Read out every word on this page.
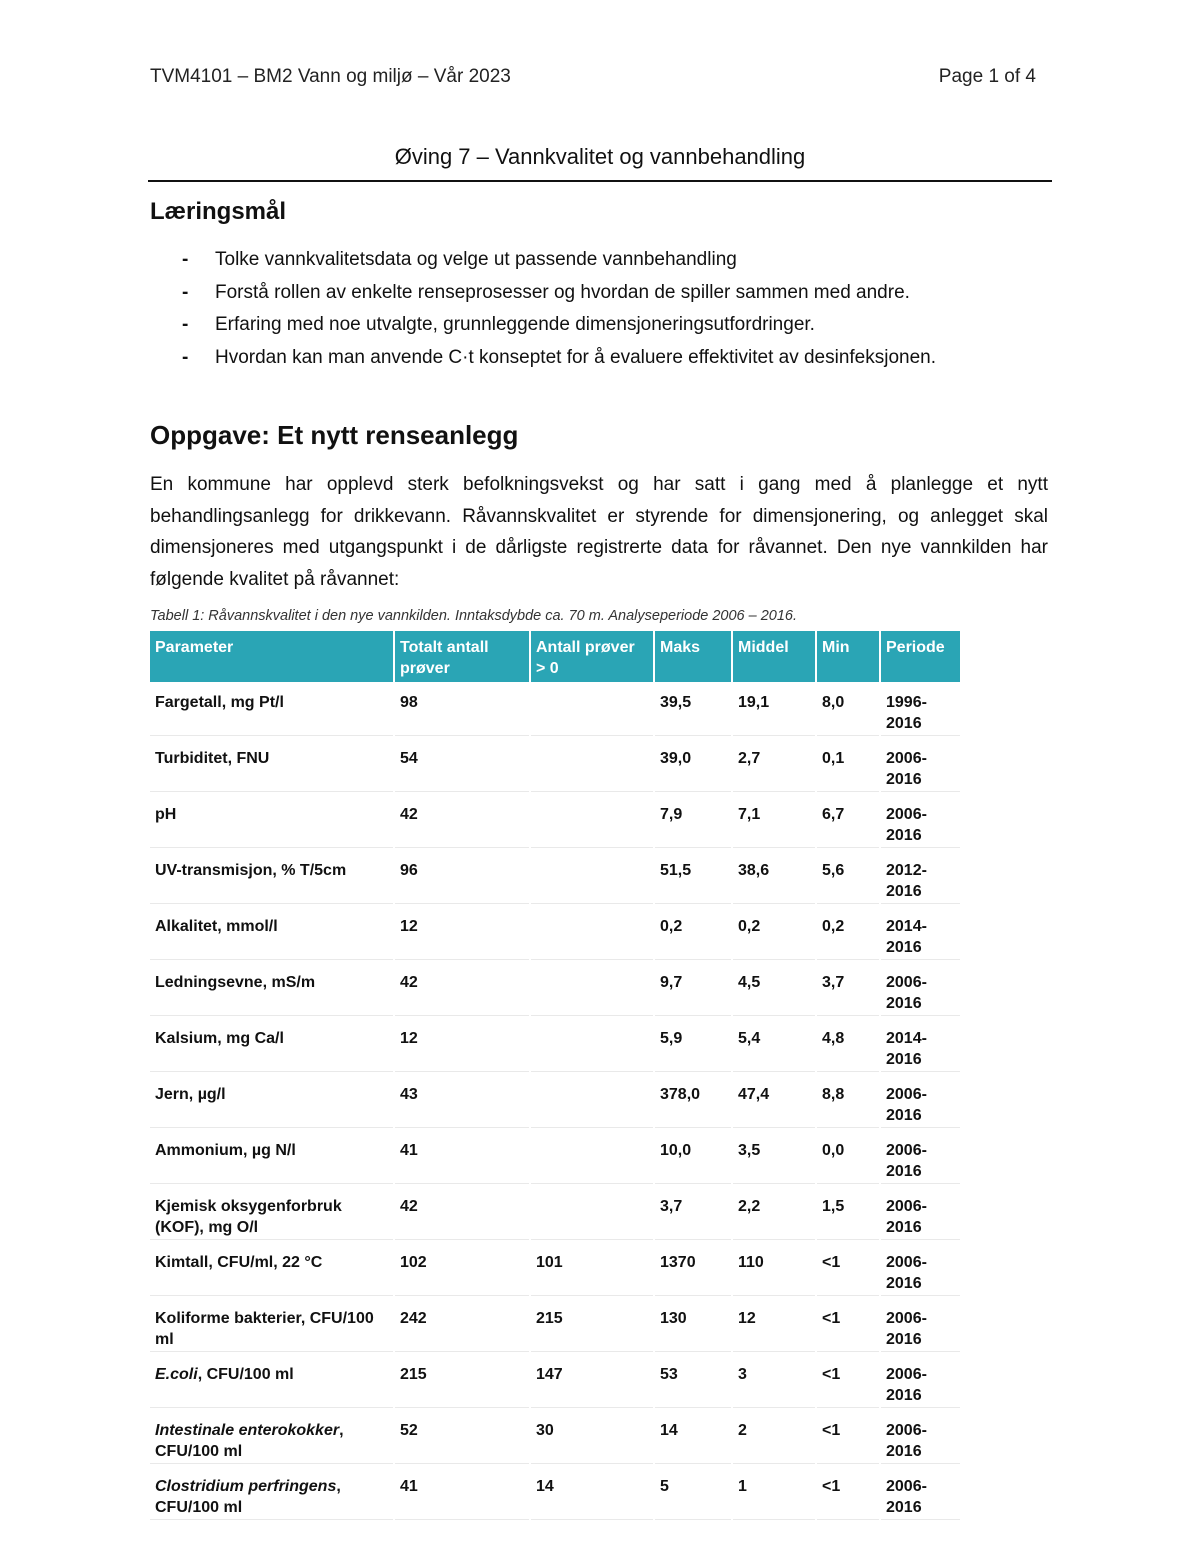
TVM4101 – BM2 Vann og miljø – Vår 2023	Page 1 of 4
Øving 7 – Vannkvalitet og vannbehandling
Læringsmål
- Tolke vannkvalitetsdata og velge ut passende vannbehandling
- Forstå rollen av enkelte renseprosesser og hvordan de spiller sammen med andre.
- Erfaring med noe utvalgte, grunnleggende dimensjoneringsutfordringer.
- Hvordan kan man anvende C·t konseptet for å evaluere effektivitet av desinfeksjonen.
Oppgave: Et nytt renseanlegg

En kommune har opplevd sterk befolkningsvekst og har satt i gang med å planlegge et nytt behandlingsanlegg for drikkevann. Råvannskvalitet er styrende for dimensjonering, og anlegget skal dimensjoneres med utgangspunkt i de dårligste registrerte data for råvannet. Den nye vannkilden har følgende kvalitet på råvannet:

Tabell 1: Råvannskvalitet i den nye vannkilden. Inntaksdybde ca. 70 m. Analyseperiode 2006 – 2016.
Parameter	Totalt antall prøver	Antall prøver > 0	Maks	Middel	Min	Periode
Fargetall, mg Pt/l	98		39,5	19,1	8,0	1996-2016
Turbiditet, FNU	54		39,0	2,7	0,1	2006-2016
pH	42		7,9	7,1	6,7	2006-2016
UV-transmisjon, % T/5cm	96		51,5	38,6	5,6	2012-2016
Alkalitet, mmol/l	12		0,2	0,2	0,2	2014-2016
Ledningsevne, mS/m	42		9,7	4,5	3,7	2006-2016
Kalsium, mg Ca/l	12		5,9	5,4	4,8	2014-2016
Jern, µg/l	43		378,0	47,4	8,8	2006-2016
Ammonium, µg N/l	41		10,0	3,5	0,0	2006-2016
Kjemisk oksygenforbruk (KOF), mg O/l	42		3,7	2,2	1,5	2006-2016
Kimtall, CFU/ml, 22 °C	102	101	1370	110	<1	2006-2016
Koliforme bakterier, CFU/100 ml	242	215	130	12	<1	2006-2016
E.coli, CFU/100 ml	215	147	53	3	<1	2006-2016
Intestinale enterokokker, CFU/100 ml	52	30	14	2	<1	2006-2016
Clostridium perfringens, CFU/100 ml	41	14	5	1	<1	2006-2016
